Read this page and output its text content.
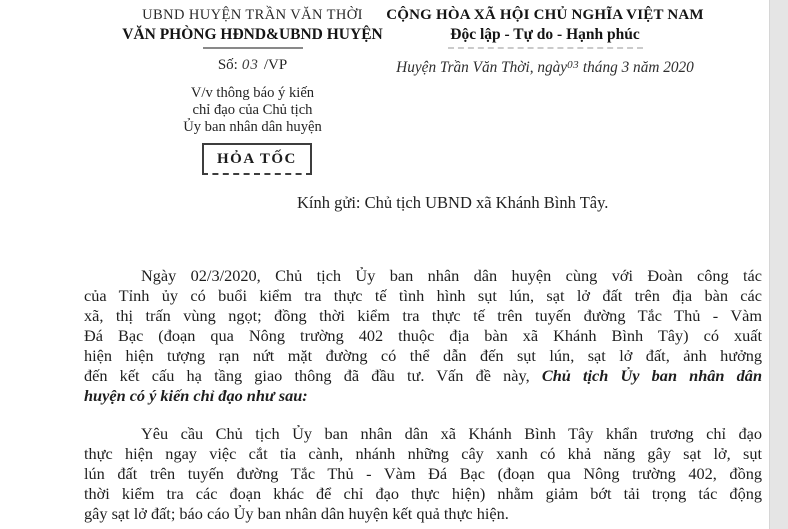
UBND HUYỆN TRẦN VĂN THỜI
VĂN PHÒNG HĐND&UBND HUYỆN
CỘNG HÒA XÃ HỘI CHỦ NGHĨA VIỆT NAM
Độc lập - Tự do - Hạnh phúc
Số: 03 /VP	Huyện Trần Văn Thời, ngày$^{03}$ tháng 3 năm 2020
V/v thông báo ý kiến
chỉ đạo của Chủ tịch
Ủy ban nhân dân huyện
HỎA TỐC
Kính gửi: Chủ tịch UBND xã Khánh Bình Tây.
Ngày 02/3/2020, Chủ tịch Ủy ban nhân dân huyện cùng với Đoàn công tác
của Tỉnh ủy có buổi kiểm tra thực tế tình hình sụt lún, sạt lở đất trên địa bàn các
xã, thị trấn vùng ngọt; đồng thời kiểm tra thực tế trên tuyến đường Tắc Thủ - Vàm
Đá Bạc (đoạn qua Nông trường 402 thuộc địa bàn xã Khánh Bình Tây) có xuất
hiện hiện tượng rạn nứt mặt đường có thể dẫn đến sụt lún, sạt lở đất, ảnh hưởng
đến kết cấu hạ tầng giao thông đã đầu tư. Vấn đề này, Chủ tịch Ủy ban nhân dân
huyện có ý kiến chỉ đạo như sau:
Yêu cầu Chủ tịch Ủy ban nhân dân xã Khánh Bình Tây khẩn trương chỉ đạo
thực hiện ngay việc cắt tỉa cành, nhánh những cây xanh có khả năng gây sạt lở, sụt
lún đất trên tuyến đường Tắc Thủ - Vàm Đá Bạc (đoạn qua Nông trường 402, đồng
thời kiểm tra các đoạn khác để chỉ đạo thực hiện) nhằm giảm bớt tải trọng tác động
gây sạt lở đất; báo cáo Ủy ban nhân dân huyện kết quả thực hiện.
